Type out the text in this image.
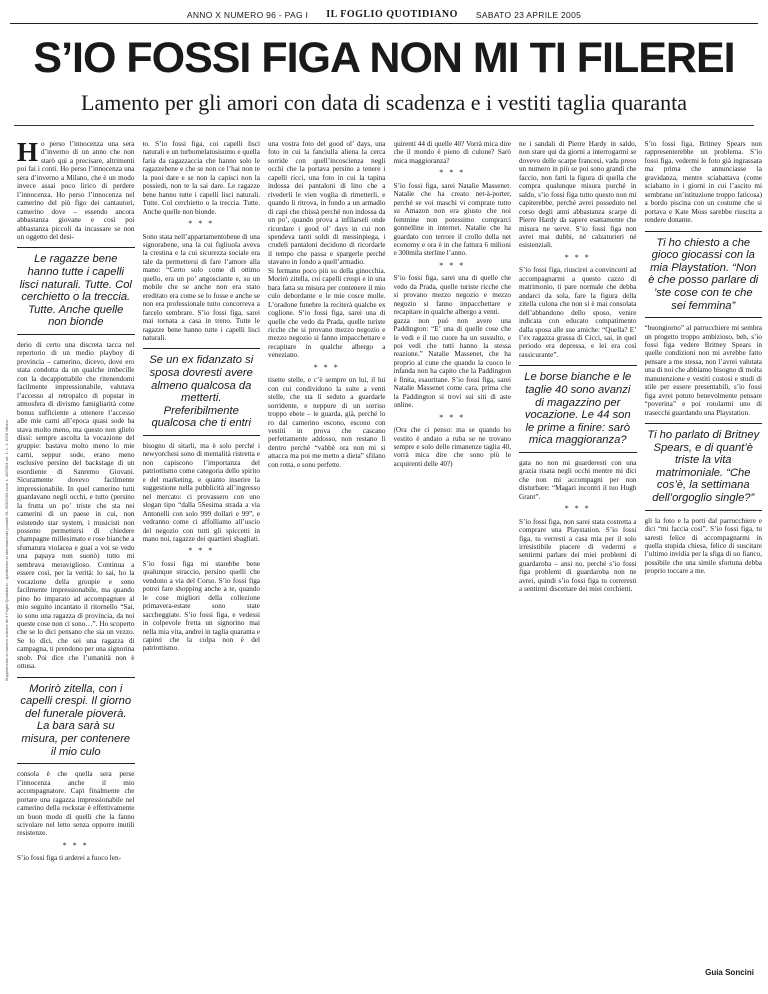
ANNO X NUMERO 96 - PAG I IL FOGLIO QUOTIDIANO SABATO 23 APRILE 2005
S’IO FOSSI FIGA NON MI TI FILEREI
Lamento per gli amori con data di scadenza e i vestiti taglia quaranta
Supplemento al numero odierno de Il Foglio Quotidiano - spedizione in abbonamento postale DL 353/2003 conv. L. 46/2004 art. 1, c. 1, DCB Milano

Ho perso l’innocenza una sera d’inverno di un anno che non starò qui a precisare, altrimenti poi fai i conti. Ho perso l’innocenza una sera d’inverno a Milano, che è un modo invece assai poco lirico di perdere l’innocenza. Ho perso l’innocenza nel camerino del più figo dei cantautori, camerino dove – essendo ancora abbastanza giovane e così poi abbastanza piccoli da incassare se non un oggetto del desi-

Le ragazze bene hanno tutte i capelli lisci naturali. Tutte. Col cerchietto o la treccia. Tutte. Anche quelle non bionde

derio di certo una discreta tacca nel repertorio di un medio playboy di provincia – camerino, dicevo, dove ero stata condotta da un qualche imbecille con la decappottabile che ritenendomi facilmente impressionabile, valutava l’accesso al retropalco di popstar in atmosfera di divismo famigliarità come bonus sufficiente a ottenere l’accesso alle mie carni all’epoca quasi sode ba stava molto meno, ma questo non glielo dissi: sempre ascolta la vocazione del gruppie: bastava molto meno lo mie carni, seppur sode, erano meno esclusive persino del backstage di un esordiente di Sanremo Giovani. Sicuramente dovevo facilmente impressionabile. In quel camerino tutti guardavano negli occhi, e tutto (persino la frutta un po’ triste che sta nei camerini di un paese in cui, non esistendo star system, i musicisti non possono permettersi di chiedere champagne millesimato e rose bianche a sfumatura violacea e guai a voi se vedo una papaya non suonò) tutto mi sembrava meraviglioso. Continua a essere così, per la verità: lo sai, ho la vocazione della groupie e sono facilmente impressionabile, ma quando pino ho imparato ad accompagnare al mio seguito incantato il ritornello “Sai, io sono una ragazza di provincia, da noi queste cose non ci sono…”. Ho scoperto che se lo dici pensano che sia un vezzo. Se lo dici, che sei una ragazza di campagna, ti prendono per una signorina snob. Poi dice che l’umanità non è ottusa.

Morirò zitella, con i capelli crespi. Il giorno del funerale pioverà. La bara sarà su misura, per contenere il mio culo

consola è che quella sera perse l’innocenza anche il mio accompagnatore. Capì finalmente che portare una ragazza impressionabile nel camerino della rockstar è effettivamente un buon modo di quelli che la fanno scivolare nel letto senza opporre inutili resistenze.

* * *

S’io fossi figa ti arderei a fuoco len-

to. S’io fossi figa, coi capelli lisci naturali e un turbomelatosisumo e quella faria da ragazzaccia che hanno solo le ragazzebene e che se non ce l’hai non te la puoi dare e se non la capisci non la possiedi, non te la sai dare. Le ragazze bene hanno tutte i capelli lisci naturali. Tutte. Col cerchietto o la treccia. Tutte. Anche quelle non bionde.

* * *

Sono stata nell’appartamentobene di una signorabene, una la cui figliuola aveva la crestina e la cui sicurezza sociale era tale da permettersi di fare l’amore alla mano: “Certo solo come di ottimo quello, era un po’ angosciante e, su un mobile che se anche non era stato ereditato era come se lo fosse e anche se non era professionale tutto concorreva a farcelo sembrare. S’io fossi figa, sarei mai tornata a casa in treno. Tutte le ragazze bene hanno tutte i capelli lisci naturali.

Se un ex fidanzato si sposa dovresti avere almeno qualcosa da metterti. Preferibilmente qualcosa che ti entri

bisogno di sitarli, ma è solo perché i newyorchesi sono di mentalità ristretta e non capiscono l’importanza del patriottismo come categoria dello spirito e del marketing, e quanto inserire la suggestione nella pubblicità all’ingresso nel mercato: ci provassero con uno slogan tipo “dalla 5Sesima strada a via Antonelli con solo 999 dollari e 99”, e vedranno come ci affolliamo all’uscio del negozio con tutti gli spiccetti in mano noi, ragazze dei quartieri sbagliati.

* * *

S’io fossi figa mi starebbe bene qualunque straccio, persino quelli che vendono a via del Corso. S’io fossi figa potrei fare shopping anche a te, quando le cose migliori della collezione primavera-estate sono state saccheggiate. S’io fossi figa, e vedessi in colpevole fretta un signorino mai nella mia vita, andrei in taglia quaranta e capirei che la colpa non è del patriottismo.

una vostra foto del good ol’ days, una foto in cui la fanciulla aliena la cerca sorride con quell’incoscienza negli occhi che la portava persino a tenere i capelli ricci, una foto in cui la tapina indossa dei pantaloni di lino che a rivederli le vien voglia di rimetterli, e quando li ritrova, in fondo a un armadio di capi che chissà perché non indossa da un po’, quando prova a infilarseli onde ricordare i good ol’ days in cui non spendeva tanti soldi di messinpiega, i crudeli pantaloni decidono di ricordarle il tempo che passa e spargerle perché stavano in fondo a quell’armadio.

Si fermano poco più su della ginocchia. Morirò zitella, coi capelli crespi e in una bara fatta su misura per contenere il mio culo debordante e le mie cosce molle. L’oradone funebre la reciterà qualche ex coglione. S’io fossi figa, sarei una di quelle che vedo da Prada, quelle turiste ricche che si provano mezzo negozio e mezzo negozio si fanno impacchettare e recapitare in qualche albergo a veneziano.

* * *

tisette stelle, e c’è sempre un lui, il lui con cui condividono la suite a venti stelle, che sta lì seduto a guardarle sorridente, e neppure di un sorriso troppo ebete – le guarda, già, perché lo ro dal camerino escono, escono con vestiti in prova che cascano perfettamente addosso, non restano lì dentro perché “vabbè ora non mi si attacca ma poi me metto a dieta” sfilano con rotta, e sono perfette.

quirenti 44 di quelle 40? Vorrà mica dire che il mondo è pieno di culone? Sarò mica maggioranza?

* * *

S’io fossi figa, sarei Natalie Massenet. Natalie che ha creato net-à-porter, perché se voi maschi vi comprate tutto su Amazon non era giusto che noi femmine non potessimo comprarci gonnelline in internet. Natalie che ha guardato con terrore il crollo della net economy e ora è in che fattura 6 milioni e 300mila sterline l’anno.

* * *

S’io fossi figa, sarei una di quelle che vedo da Prada, quelle turiste ricche che si provano mezzo negozio e mezzo negozio si fanno impacchettare e recapitare in qualche albergo a venti.

gazza non può non avere una Paddington: “E’ una di quelle cose che le vedi e il tuo cuore ha un sussulto, e poi vedi che tutti hanno la stessa reazione.” Natalie Massenet, che ha proprio al cune che quando la cuoco le infanda non ha capito che la Paddington è finita, esauritane. S’io fossi figa, sarei Natalie Massenet come cara, prima che la Paddington si trovi sui siti di aste online.

* * *

(Ora che ci penso: ma se quando ho vestito è andato a ruba se ne trovano sempre e solo delle rimanenze taglia 40, vorrà mica dire che sono più le acquirenti delle 40?)

ne i sandali di Pierre Hardy in saldo, non stare qui da giorni a interrogarmi se dovevo delle scarpe francesi, vada preso un numero in più se poi sono grandi che faccio, non farti la figura di quella che compra qualunque misura purché in saldo, s’io fossi figa tutto questo non mi capiterebbe, perché avrei posseduto nel corso degli anni abbastanza scarpe di Pierre Hardy da sapere esattamente che misura ne serve. S’io fossi figa non avrei mai dubbi, né calzaturieri né esistenziali.

* * *

S’io fossi figa, riuscirei a convincerti ad accompagnarmi a questo cazzo di matrimonio, ti pare normale che debba andarci da sola, fare la figura della zitella culona che non si è mai consolata dell’abbandono dello sposo, venire indicata con educato compatimento dalla sposa alle sue amiche: “Quella? E’ l’ex ragazza grassa di Cicci, sai, in quel periodo era depressa, e lei era così rassicurante”.

Le borse bianche e le taglie 40 sono avanzi di magazzino per vocazione. Le 44 son le prime a finire: sarò mica maggioranza?

gata no non mi guarderesti con una grazia risata negli occhi mentre mi dici che non mi accompagni per non disturbare: “Magari incontri il tuo Hugh Grant”.

* * *

S’io fossi figa, non sarei stata costretta a comprare una Playstation. S’io fossi figa, tu verresti a casa mia per il solo irresistibile piacere di vedermi e sentirmi parlare dei miei problemi di guardaroba – ansi no, perché s’io fossi figa problemi di guardaroba non ne avrei, quindi s’io fossi figa tu correresti a sentirmi discettare dei miei cerchietti.

S’io fossi figa, Britney Spears non rappresenterebbe un problema. S’io fossi figa, vedermi le foto già ingrassata ma prima che annunciasse la gravidanza, mentre sciabattava (come sciabatto io i giorni in cui l’ascito mi sembrano un’istituzione troppo faticosa) a bordo piscina con un costume che si portava e Kate Moss sarebbe riuscita a rendere donante.

Ti ho chiesto a che gioco giocassi con la mia Playstation. “Non è che posso parlare di ’ste cose con te che sei femmina”

“buongiorno” al parrucchiere mi sembra un progetto troppo ambizioso, beh, s’io fossi figa vedere Britney Spears in quelle condizioni non mi avrebbe fatto pensare a me stessa, non l’avrei valutata una di noi che abbiamo bisogno di molta manutenzione e vestiti costosi e studi di stile per essere presentabili, s’io fossi figa avrei potuto benevolmente pensare “poverina” e poi rotolarmi uno di trasecchi guardando una Playstation.

Ti ho parlato di Britney Spears, e di quant’è triste la vita matrimoniale. “Che cos’è, la settimana dell’orgoglio single?”

gli la foto e la porti dal parrucchiere e dici “mi faccia così”. S’io fossi figa, tu saresti felice di accompagnarmi in quella stupida chiesa, felice di suscitare l’ultimo invidia per la sfiga di uo fianco, possibile che una simile sfortuna debba proprio toccare a me.

Guia Soncini
